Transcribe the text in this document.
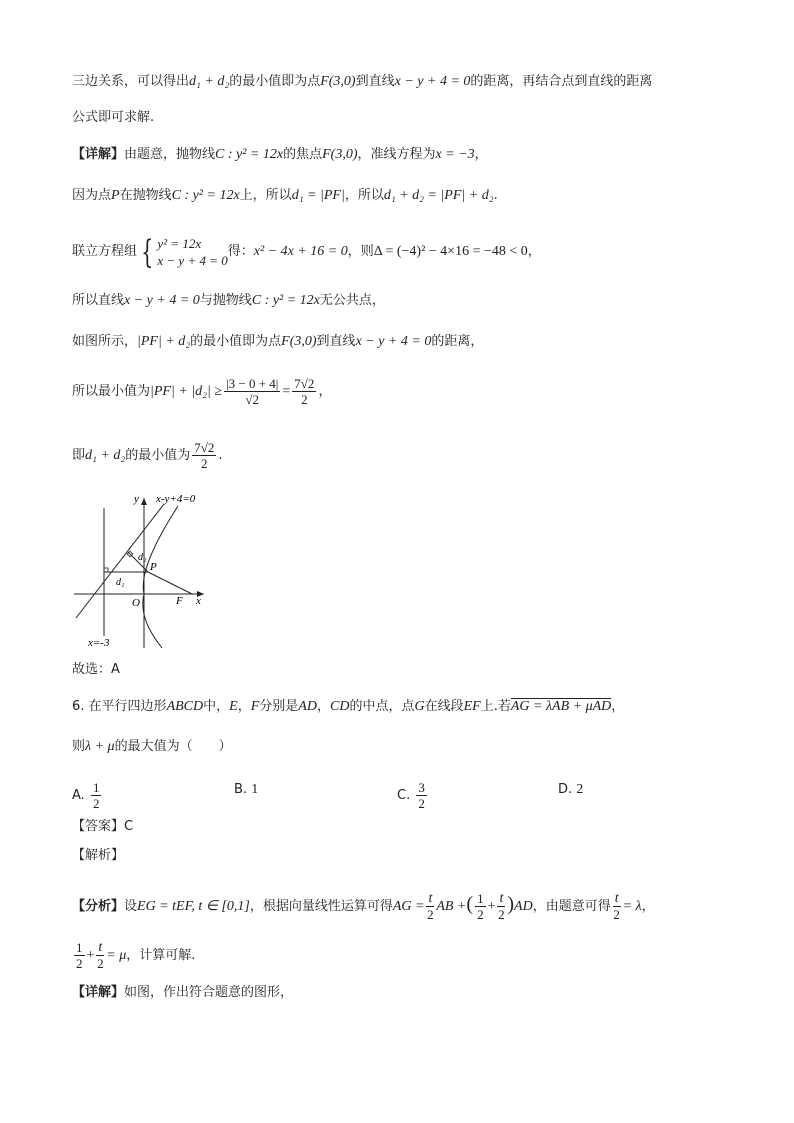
三边关系，可以得出d₁ + d₂的最小值即为点F(3,0)到直线x − y + 4 = 0的距离，再结合点到直线的距离
公式即可求解.
【详解】由题意，抛物线C : y² = 12x的焦点F(3,0)，准线方程为x = −3，
因为点P在抛物线C : y² = 12x上，所以d₁ = |PF|，所以d₁ + d₂ = |PF| + d₂.
联立方程组 { y² = 12x
x − y + 4 = 0
得：x² − 4x + 16 = 0，则Δ = (−4)² − 4×16 = −48 < 0，
所以直线x − y + 4 = 0与抛物线C : y² = 12x无公共点，
如图所示，|PF| + d₂的最小值即为点F(3,0)到直线x − y + 4 = 0的距离，
所以最小值为$|PF| + |d_2| \ge \frac{|3 - 0 + 4|}{√2} = \frac{7√2}{2}$ ，
即d₁ + d₂的最小值为 $\frac{7√2}{2}$ .
y x-y+4=0
d₂
P
d₁
O	F x
x=-3
故选：A
6. 在平行四边形ABCD中，E，F分别是AD，CD的中点，点G在线段EF上.若AG = λAB + μAD，
则λ + μ的最大值为（　　）
A. $\frac{1}{2}$	B. 1	C. $\frac{3}{2}$	D. 2
【答案】C
【解析】
【分析】设EG = tEF, t ∈ [0,1]，根据向量线性运算可得AG = $\frac{t}{2}$ AB +( $\frac{1}{2} + \frac{t}{2} )AD$，由题意可得 $\frac{t}{2} = \lambda$，
$\frac{1}{2} + \frac{t}{2} = \mu$，计算可解.
【详解】如图，作出符合题意的图形，
